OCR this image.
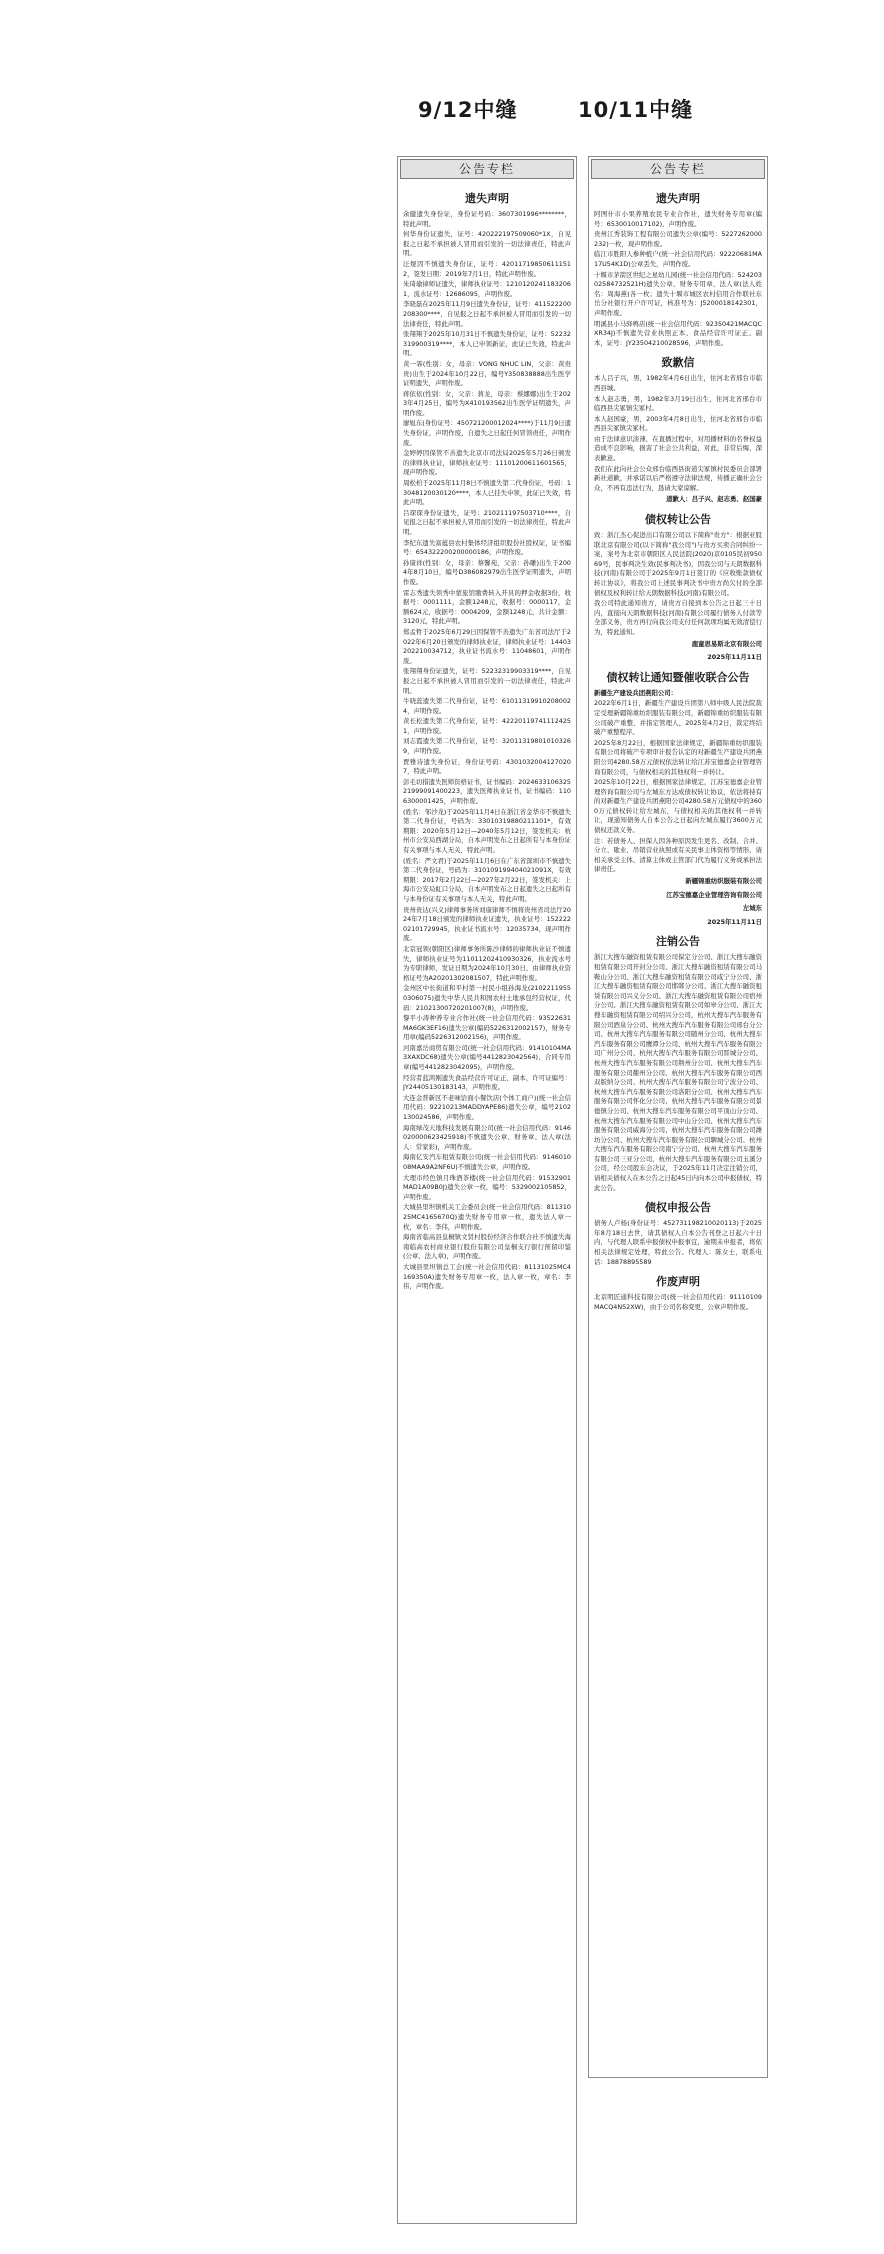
9/12中缝	10/11中缝
公告专栏
遗失声明

余健遗失身份证，身份证号码：3607301996********，特此声明。

何华身份证遗失，证号：420222197509060*1X，自见报之日起不承担被人冒用而引发的一切法律责任，特此声明。

汪煜因不慎遗失身份证，证号：420117198506111512，签发日期：2019年7月1日，特此声明作废。

朱琦瑜律师证遗失，律师执业证号：12101202411832061，流水证号：12686095，声明作废。

李晓磊在2025年11月9日遗失身份证，证号：411522200208300****，自见报之日起不承担被人冒用而引发的一切法律责任，特此声明。

张翔翔于2025年10月31日不慎遗失身份证，证号：52232319900319****，本人已申领新证，此证已失效，特此声明。

黄一霏(性别：女，母亲：VONG NHUC LIN，父亲：黄贵贵)出生于2024年10月22日，编号Y350838888出生医学证明遗失，声明作废。

蒋依依(性别：女，父亲：蒋龙，母亲：蔡娜娜)出生于2023年4月25日，编号为X410193562出生医学证明遗失，声明作废。

廖旭东(身份证号：450721200012024****)于11月9日遗失身份证，声明作废，自遗失之日起任何冒领责任，声明作废。

金婷婷因保管不善遗失北京市司法局2025年5月26日颁发的律师执业证，律师执业证号：11101200611601565，现声明作废。

周松柏于2025年11月8日不慎遗失第二代身份证，号码：13048120030120****，本人已挂失申领，此证已失效，特此声明。

吕琛琛身份证遗失，证号：210211197503710****，自见报之日起不承担被人冒用而引发的一切法律责任，特此声明。

李纪东遗失富蕴县农村集体经济组织股份社股权证，证书编号：654322200200000186，声明作废。

孙康祥(性别：女，母亲：蔡馨苑，父亲：孙雕)出生于2004年8月10日，编号D386082979出生医学证明遗失，声明作废。

雷志秀遗失领秀中蒙旅馆缴费转入开具的押金收据3份，收据号：0001111，金额1248元，收据号：0000117，金额624元，收据号：0004209，金额1248元，共计金额：3120元，特此声明。

郑孟哲于2025年6月29日因保管不善遗失广东省司法厅于2022年6月20日颁发的律师执业证，律师执业证号：14403202210034712，执业证书流水号：11048601，声明作废。

张翔翔身份证遗失，证号：52232319903319****，自见报之日起不承担被人冒用而引发的一切法律责任，特此声明。

牛晓蕊遗失第二代身份证，证号：610113199102080024，声明作废。

黄长松遗失第二代身份证，证号：422201197411124251，声明作废。

刘志霞遗失第二代身份证，证号：320113198010103269，声明作废。

贾雅诗遗失身份证，身份证号码：43010320041270207，特此声明。

彭毛切措遗失医师资格证书，证书编码：202463310632521999091400223，遗失医师执业证书，证书编码：1106300001425，声明作废。

(姓名：邹沙龙)于2025年11月4日在浙江省金华市不慎遗失第二代身份证，号码为：33010319880211101*，有效期限：2020年5月12日—2040年5月12日，签发机关：杭州市公安局西湖分局，自本声明发布之日起所有与本身份证有关事项与本人无关，特此声明。

(姓名：严文君)于2025年11月6日在广东省深圳市不慎遗失第二代身份证，号码为：310109199404021091X，有效期限：2017年2月22日—2027年2月22日，签发机关：上海市公安局虹口分局，自本声明发布之日起遗失之日起所有与本身份证有关事项与本人无关，特此声明。

贵州贵达(兴义)律师事务所刘康律师不慎将贵州省司法厅2024年7月18日颁发的律师执业证遗失，执业证号：15222202101729945，执业证书流水号：12035734，现声明作废。

北京冠领(朝阳区)律师事务所陈沙律师的律师执业证不慎遗失，律师执业证号为11011202410930326，执业流水号为专职律师，发证日期为2024年10月30日，由律师执业资格证号为A20201302081507，特此声明作废。

金州区中长街道和平村第一村民小组孙海龙(21022119550306075)遗失中华人民共和国农村土地承包经营权证，代码：21021300720201007(8)，声明作废。

黎平小涛种养专业合作社(统一社会信用代码：93522631MA6GK3EF16)遗失公章(编码5226312002157)，财务专用章(编码5226312002156)，声明作废。

河南嘉岳商贸有限公司(统一社会信用代码：91410104MA3XAXDC68)遗失公章(编号4412823042564)，合同专用章(编号4412823042095)，声明作废。

经营者蓝鸿刚遗失食品经营许可证正、副本，许可证编号：JY24405130183143，声明作废。

大连金普新区不老味饸面小餐饮店(个体工商户)(统一社会信用代码：92210213MADDYAPE86)遗失公章，编号2102130024586，声明作废。

海南绿茂天地科技发展有限公司(统一社会信用代码：9146020000623425918)不慎遗失公章、财务章、法人章(法人：常家彩)，声明作废。

海南亿安汽车租赁有限公司(统一社会信用代码：914601008MAA9A2NF6U)不慎遗失公章，声明作废。

大理市经色镇月珠酒茶楼(统一社会信用代码：91532901MAD1A09B0J)遗失公章一枚，编号：5329002105852，声明作废。

大城县里坦镇机关工会委员会(统一社会信用代码：81131025MC4165670Q)遗失财务专用章一枚，遗失法人章一枚，章名：李伟，声明作废。

海南省临高县皇桐镇文贤村股份经济合作联合社不慎遗失海南临高农村商业银行股份有限公司皇桐支行银行预留印鉴(公章、法人章)，声明作废。

大城县里坦镇总工会(统一社会信用代码：81131025MC4169350A)遗失财务专用章一枚，法人章一枚，章名：李伟，声明作废。

公告专栏
遗失声明

阿图什市小果养殖农民专业合作社，遗失财务专用章(编号：6530010017102)，声明作废。

贵州江秀装饰工程有限公司遗失公章(编号：5227262000232)一枚，现声明作废。

临江市胜阳人参种植户(统一社会信用代码：92220681MA17U54K1D)公章丢失，声明作废。

十堰市茅箭区世纪之星幼儿园(统一社会信用代码：52420302584732521H)遗失公章、财务专用章、法人章(法人姓名：周海燕)各一枚；遗失十堰市城区农村信用合作联社东岳分社银行开户许可证，核准号为：J5200018142301，声明作废。

明溪县小马驿鸭店(统一社会信用代码：92350421MACQCXR34J)不慎遗失营业执照正本、食品经营许可证正、副本，证号：JY23504210028596，声明作废。

致歉信

本人吕子兴，男，1982年4月6日出生，住河北省邢台市临西县城。

本人赵志勇，男，1982年3月19日出生，住河北省邢台市临西县尖冢镇尖冢村。

本人赵国豪，男，2003年4月8日出生，住河北省邢台市临西县尖冢镇尖冢村。

由于法律意识淡薄，在直播过程中，对用播材料的名誉权益造成不良影响，损害了社会公共利益，对此，非常后悔，深表歉意。

我们在此向社会公众邢台临西县街道尖冢镇村民委员会部署新社道歉，并承诺以后严格遵守法律法规，传播正确社会公众，不再有违法行为，恳请大家谅解。

道歉人：吕子兴、赵志勇、赵国豪

债权转让公告

致：浙江杰心促进出口有限公司以下简称"贵方"：根据亚股联北京有限公司(以下简称"我公司")与贵方买卖合同纠纷一案，案号为北京市朝阳区人民法院(2020)京0105民初95069号，民事判决生效(民事判决书)，因我公司与天朗数据科技(河南)有限公司于2025年9月1日签订的《应收账款债权转让协议》，将我公司上述民事判决书中贵方尚欠付的全部债权及权利转让给天朗数据科技(河南)有限公司。

我公司特此通知贵方，请贵方自接到本公告之日起三十日内，直接向天朗数据科技(河南)有限公司履行债务人付款等全部义务，贵方再行向我公司支付任何款项均属无效清偿行为，特此通知。

鹿童思易斯北京有限公司

2025年11月11日

债权转让通知暨催收联合公告

新疆生产建设兵团燕阳公司：

2022年6月1日，新疆生产建设兵团第八师中级人民法院裁定受理新疆锦重纺织服装有限公司，新疆锦重纺织服装有限公司破产重整，并指定管理人，2025年4月2日，裁定终结破产重整程序。

2025年8月22日，根据国家法律规定，新疆锦重纺织服装有限公司将破产专项审计报告认定的对新疆生产建设兵团燕阳公司4280.58万元债权依法转让给江苏宝德嘉企业管理咨询有限公司，与债权相关的其他权利一并转让。

2025年10月22日，根据国家法律规定，江苏宝德嘉企业管理咨询有限公司与左城东方达成债权转让协议，依法将持有的对新疆生产建设兵团燕阳公司4280.58万元债权中的3600万元债权转让给左城东，与债权相关的其他权利一并转让，现通知债务人自本公告之日起向左城东履行3600万元债权还款义务。

注：若债务人、担保人因各种原因发生更名、改制、合并、分立、歇业、吊销营业执照或有关民事主体资格等情形，请相关承受主体、清算主体或主管部门代为履行义务或承担法律责任。

新疆锦重纺织服装有限公司

江苏宝德嘉企业管理咨询有限公司

左城东

2025年11月11日

注销公告

浙江大搜车融资租赁有限公司保定分公司、浙江大搜车融资租赁有限公司开封分公司、浙江大搜车融资租赁有限公司马鞍山分公司、浙江大搜车融资租赁有限公司咸宁分公司、浙江大搜车融资租赁有限公司邯郸分公司、浙江大搜车融资租赁有限公司兴义分公司、浙江大搜车融资租赁有限公司宿州分公司、浙江大搜车融资租赁有限公司如皋分公司、浙江大搜车融资租赁有限公司绍兴分公司，杭州大搜车汽车服务有限公司酒泉分公司、杭州大搜车汽车服务有限公司邢台分公司、杭州大搜车汽车服务有限公司随州分公司、杭州大搜车汽车服务有限公司鹰潭分公司、杭州大搜车汽车服务有限公司广州分公司、杭州大搜车汽车服务有限公司晋城分公司、杭州大搜车汽车服务有限公司荆州分公司、杭州大搜车汽车服务有限公司衢州分公司、杭州大搜车汽车服务有限公司西双版纳分公司、杭州大搜车汽车服务有限公司宁波分公司、杭州大搜车汽车服务有限公司洛阳分公司、杭州大搜车汽车服务有限公司怀化分公司、杭州大搜车汽车服务有限公司景德镇分公司、杭州大搜车汽车服务有限公司平顶山分公司、杭州大搜车汽车服务有限公司中山分公司、杭州大搜车汽车服务有限公司威海分公司、杭州大搜车汽车服务有限公司潍坊分公司、杭州大搜车汽车服务有限公司聊城分公司、杭州大搜车汽车服务有限公司南宁分公司、杭州大搜车汽车服务有限公司三亚分公司、杭州大搜车汽车服务有限公司玉溪分公司，经公司股东会决议，于2025年11月决定注销公司，请相关债权人在本公告之日起45日内向本公司申报债权，特此公告。

债权申报公告

债务人卢杨(身份证号：452731198210020113)于2025年8月18日去世，请其债权人自本公告刊登之日起六十日内，与代理人联系申报债权申报事宜，逾期未申报者，将依相关法律规定处理，特此公告。代理人：陈女士，联系电话：18878895589

作废声明

北京明匠通科技有限公司(统一社会信用代码：91110109MACQ4N52XW)，由于公司名称变更，公章声明作废。
